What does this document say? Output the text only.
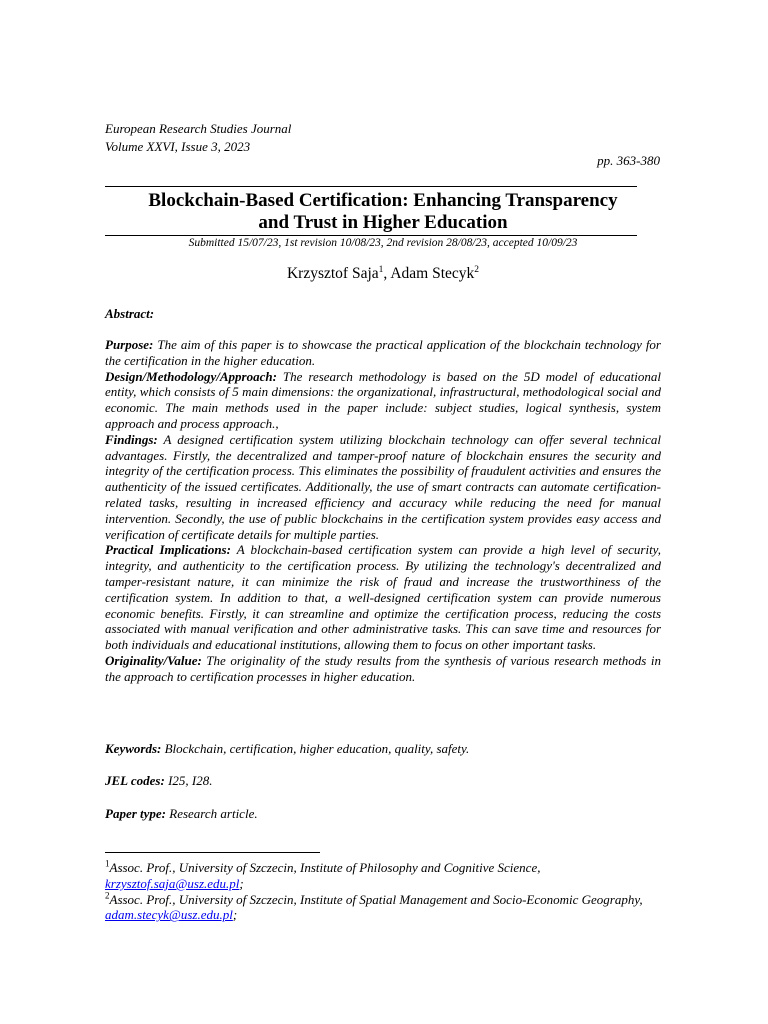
European Research Studies Journal
Volume XXVI, Issue 3, 2023
pp. 363-380
Blockchain-Based Certification: Enhancing Transparency
and Trust in Higher Education
Submitted 15/07/23, 1st revision 10/08/23, 2nd revision 28/08/23, accepted 10/09/23
Krzysztof Saja$^1$, Adam Stecyk$^2$
Abstract:

Purpose: The aim of this paper is to showcase the practical application of the blockchain technology for the certification in the higher education.

Design/Methodology/Approach: The research methodology is based on the 5D model of educational entity, which consists of 5 main dimensions: the organizational, infrastructural, methodological social and economic. The main methods used in the paper include: subject studies, logical synthesis, system approach and process approach.,

Findings: A designed certification system utilizing blockchain technology can offer several technical advantages. Firstly, the decentralized and tamper-proof nature of blockchain ensures the security and integrity of the certification process. This eliminates the possibility of fraudulent activities and ensures the authenticity of the issued certificates. Additionally, the use of smart contracts can automate certification-related tasks, resulting in increased efficiency and accuracy while reducing the need for manual intervention. Secondly, the use of public blockchains in the certification system provides easy access and verification of certificate details for multiple parties.

Practical Implications: A blockchain-based certification system can provide a high level of security, integrity, and authenticity to the certification process. By utilizing the technology's decentralized and tamper-resistant nature, it can minimize the risk of fraud and increase the trustworthiness of the certification system. In addition to that, a well-designed certification system can provide numerous economic benefits. Firstly, it can streamline and optimize the certification process, reducing the costs associated with manual verification and other administrative tasks. This can save time and resources for both individuals and educational institutions, allowing them to focus on other important tasks.

Originality/Value: The originality of the study results from the synthesis of various research methods in the approach to certification processes in higher education.

Keywords: Blockchain, certification, higher education, quality, safety.
JEL codes: I25, I28.
Paper type: Research article.

$^1$Assoc. Prof., University of Szczecin, Institute of Philosophy and Cognitive Science,
krzysztof.saja@usz.edu.pl;

$^2$Assoc. Prof., University of Szczecin, Institute of Spatial Management and Socio-Economic Geography, adam.stecyk@usz.edu.pl;
